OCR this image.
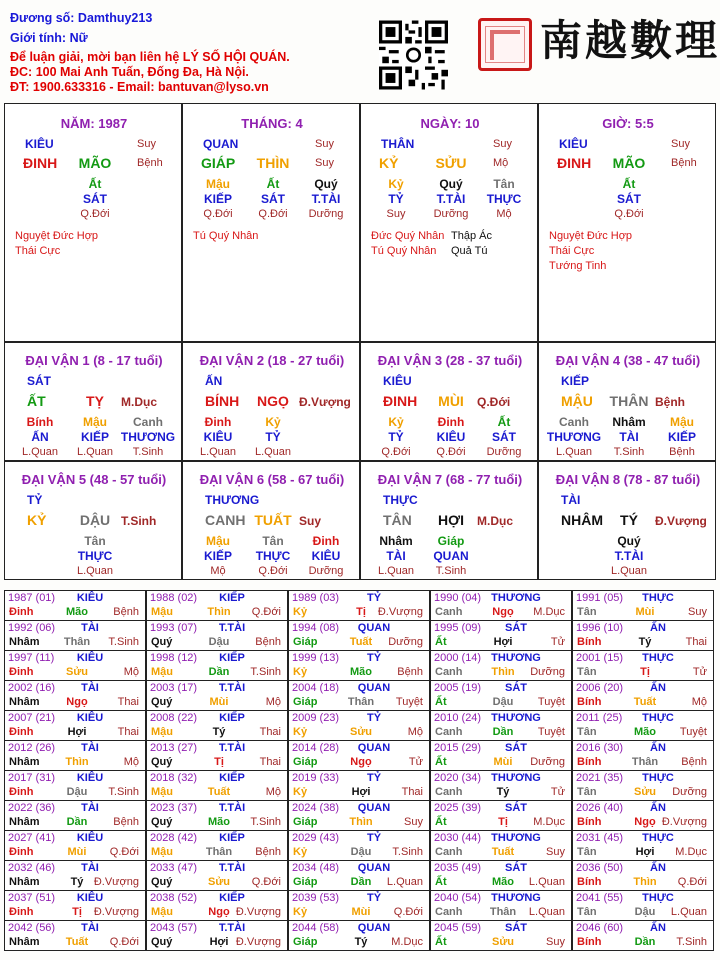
Đương số: Damthuy213
Giới tính: Nữ
Để luận giải, mời bạn liên hệ LÝ SỐ HỘI QUÁN.
ĐC: 100 Mai Anh Tuấn, Đống Đa, Hà Nội.
ĐT: 1900.633316 - Email: bantuvan@lyso.vn
南越數理
NĂM: 1987
KIÊU	Suy
ĐINH MÃO Bệnh
Ất
SÁT
Q.Đới
Nguyệt Đức Hợp
Thái Cực
THÁNG: 4
QUAN	Suy
GIÁP THÌN Suy
Mậu	Ất	Quý
KIẾP SÁT T.TÀI
Q.Đới Q.Đới Dưỡng
Tú Quý Nhân
NGÀY: 10
THÂN	Suy
KỶ	SỬU Mộ
Kỷ	Quý	Tân
TỶ	T.TÀI THỰC
Suy	Dưỡng	Mộ
Đức Quý Nhân
Tú Quý Nhân
Thập Ác
Quả Tú
GIỜ: 5:5
KIÊU	Suy
ĐINH MÃO Bệnh
Ất
SÁT
Q.Đới
Nguyệt Đức Hợp
Thái Cực
Tướng Tinh
ĐẠI VẬN 1 (8 - 17 tuổi)
SÁT
ẤT	TỴ M.Dục
Bính Mậu Canh
ẤN	KIẾP THƯƠNG
L.Quan L.Quan T.Sinh
ĐẠI VẬN 2 (18 - 27 tuổi)
ẤN
BÍNH NGỌ Đ.Vượng
Đinh	Kỷ
KIÊU	TỶ
L.Quan L.Quan
ĐẠI VẬN 3 (28 - 37 tuổi)
KIÊU
ĐINH MÙI Q.Đới
Kỷ	Đinh	Ất
TỶ	KIÊU SÁT
Q.Đới Q.Đới Dưỡng
ĐẠI VẬN 4 (38 - 47 tuổi)
KIẾP
MẬU THÂN Bệnh
Canh Nhâm Mậu
THƯƠNG TÀI KIẾP
L.Quan T.Sinh Bệnh
ĐẠI VẬN 5 (48 - 57 tuổi)
TỶ
KỶ DẬU T.Sinh
Tân
THỰC
L.Quan
ĐẠI VẬN 6 (58 - 67 tuổi)
THƯƠNG
CANH TUẤT Suy
Mậu	Tân Đinh
KIẾP THỰC KIÊU
Mộ	Q.Đới Dưỡng
ĐẠI VẬN 7 (68 - 77 tuổi)
THỰC
TÂN HỢI M.Dục
Nhâm Giáp
TÀI QUAN
L.Quan T.Sinh
ĐẠI VẬN 8 (78 - 87 tuổi)
TÀI
NHÂM TÝ Đ.Vượng
Quý
T.TÀI
L.Quan
1987 (01) KIÊU
Đinh	Mão Bệnh
1988 (02) KIẾP
Mậu	Thìn Q.Đới
1989 (03)	TỶ
Kỷ	Tị Đ.Vượng
1990 (04) THƯƠNG
Canh	Ngọ M.Dục
1991 (05) THỰC
Tân	Mùi	Suy
1992 (06) TÀI
Nhâm Thân T.Sinh
1993 (07) T.TÀI
Quý	Dậu Bệnh
1994 (08) QUAN
Giáp	Tuất Dưỡng
1995 (09) SÁT
Ất	Hợi	Tử
1996 (10) ẤN
Bính	Tý	Thai
1997 (11) KIÊU
Đinh	Sửu	Mộ
1998 (12) KIẾP
Mậu	Dần T.Sinh
1999 (13)	TỶ
Kỷ	Mão Bệnh
2000 (14) THƯƠNG
Canh	Thìn Dưỡng
2001 (15) THỰC
Tân	Tị	Tử
2002 (16) TÀI
Nhâm Ngọ	Thai
2003 (17) T.TÀI
Quý	Mùi	Mộ
2004 (18) QUAN
Giáp	Thân Tuyệt
2005 (19) SÁT
Ất	Dậu Tuyệt
2006 (20) ẤN
Bính	Tuất	Mộ
2007 (21) KIÊU
Đinh	Hợi	Thai
2008 (22) KIẾP
Mậu	Tý	Thai
2009 (23)	TỶ
Kỷ	Sửu	Mộ
2010 (24) THƯƠNG
Canh	Dần Tuyệt
2011 (25) THỰC
Tân	Mão Tuyệt
2012 (26) TÀI
Nhâm Thìn	Mộ
2013 (27) T.TÀI
Quý	Tị	Thai
2014 (28) QUAN
Giáp	Ngọ	Tử
2015 (29) SÁT
Ất	Mùi Dưỡng
2016 (30) ẤN
Bính	Thân Bệnh
2017 (31) KIÊU
Đinh	Dậu T.Sinh
2018 (32) KIẾP
Mậu	Tuất	Mộ
2019 (33)	TỶ
Kỷ	Hợi	Thai
2020 (34) THƯƠNG
Canh	Tý	Tử
2021 (35) THỰC
Tân	Sửu Dưỡng
2022 (36) TÀI
Nhâm Dần Bệnh
2023 (37) T.TÀI
Quý	Mão T.Sinh
2024 (38) QUAN
Giáp	Thìn	Suy
2025 (39) SÁT
Ất	Tị M.Dục
2026 (40) ẤN
Bính	Ngọ Đ.Vượng
2027 (41) KIÊU
Đinh	Mùi Q.Đới
2028 (42) KIẾP
Mậu	Thân Bệnh
2029 (43)	TỶ
Kỷ	Dậu T.Sinh
2030 (44) THƯƠNG
Canh	Tuất	Suy
2031 (45) THỰC
Tân	Hợi M.Dục
2032 (46) TÀI
Nhâm	Tý Đ.Vượng
2033 (47) T.TÀI
Quý	Sửu Q.Đới
2034 (48) QUAN
Giáp	Dần L.Quan
2035 (49) SÁT
Ất	Mão L.Quan
2036 (50) ẤN
Bính	Thìn Q.Đới
2037 (51) KIÊU
Đinh	Tị Đ.Vượng
2038 (52) KIẾP
Mậu	Ngọ Đ.Vượng
2039 (53)	TỶ
Kỷ	Mùi Q.Đới
2040 (54) THƯƠNG
Canh Thân L.Quan
2041 (55) THỰC
Tân	Dậu L.Quan
2042 (56) TÀI
Nhâm Tuất Q.Đới
2043 (57) T.TÀI
Quý	Hợi Đ.Vượng
2044 (58) QUAN
Giáp	Tý M.Dục
2045 (59) SÁT
Ất	Sửu	Suy
2046 (60) ẤN
Bính	Dần T.Sinh
